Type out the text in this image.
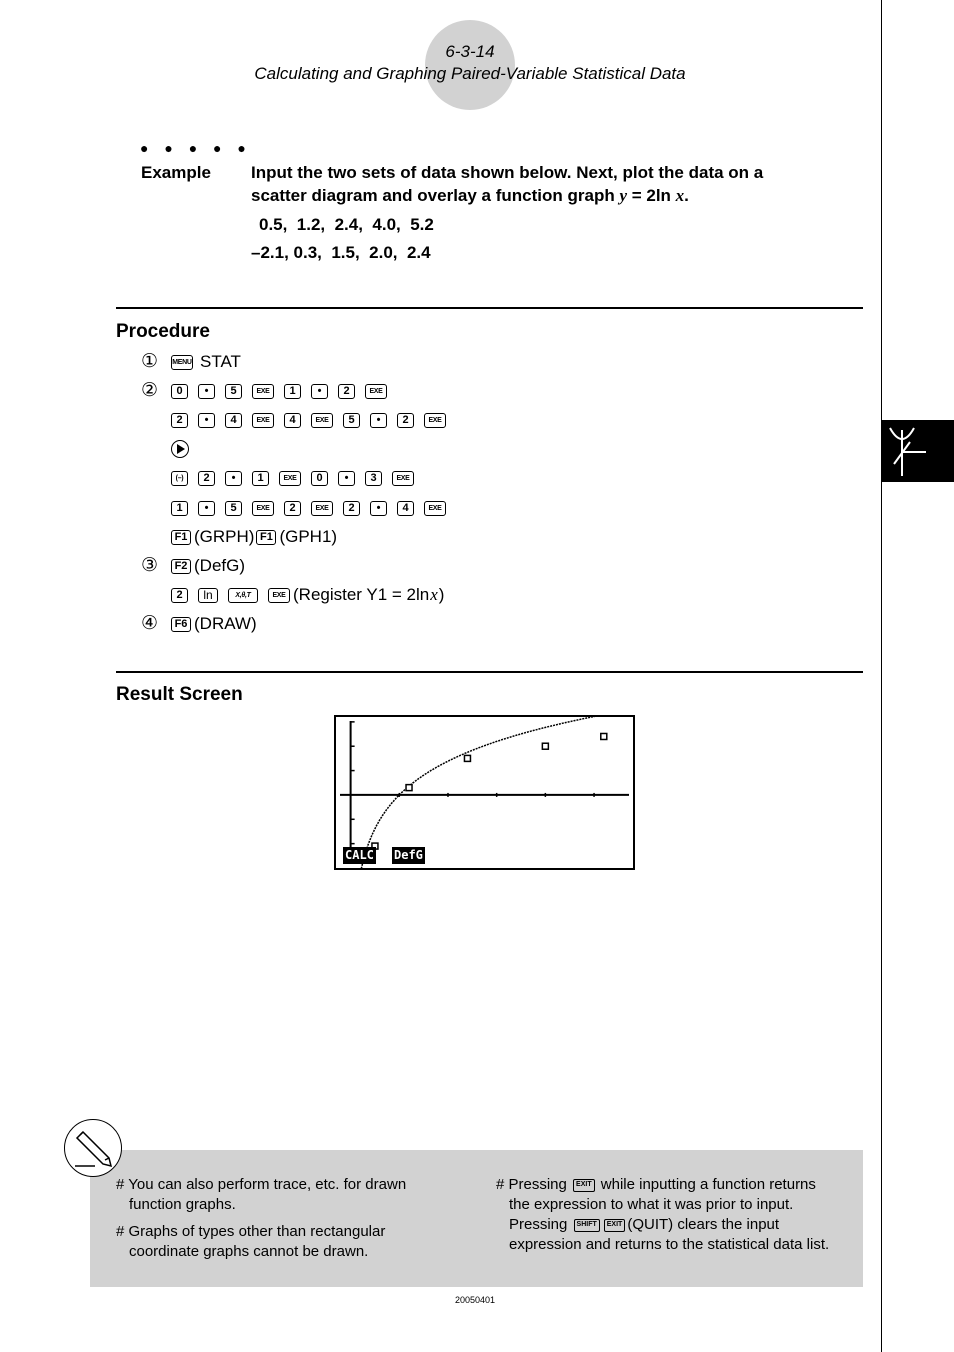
6-3-14
Calculating and Graphing Paired-Variable Statistical Data
● ● ● ● ●
Example Input the two sets of data shown below. Next, plot the data on a
scatter diagram and overlay a function graph y = 2ln x.
0.5,  1.2,  2.4,  4.0,  5.2
–2.1, 0.3,  1.5,  2.0,  2.4
Procedure
① MENU STAT
②	0	•	5	EXE	1	•	2	EXE
2	•	4	EXE	4	EXE	5	•	2	EXE
(–)	2	•	1	EXE	0	•	3	EXE
1	•	5	EXE	2	EXE	2	•	4	EXE
F1 (GRPH) F1 (GPH1)
③	F2 (DefG)
2	ln	X,θ,T	EXE (Register Y1 = 2ln x )
④	F6 (DRAW)
Result Screen
CALC DefG
# You can also perform trace, etc. for drawn
function graphs.
# Graphs of types other than rectangular
coordinate graphs cannot be drawn.
# Pressing EXIT while inputting a function returns
the expression to what it was prior to input.
Pressing SHIFT EXIT (QUIT) clears the input
expression and returns to the statistical data list.
20050401
